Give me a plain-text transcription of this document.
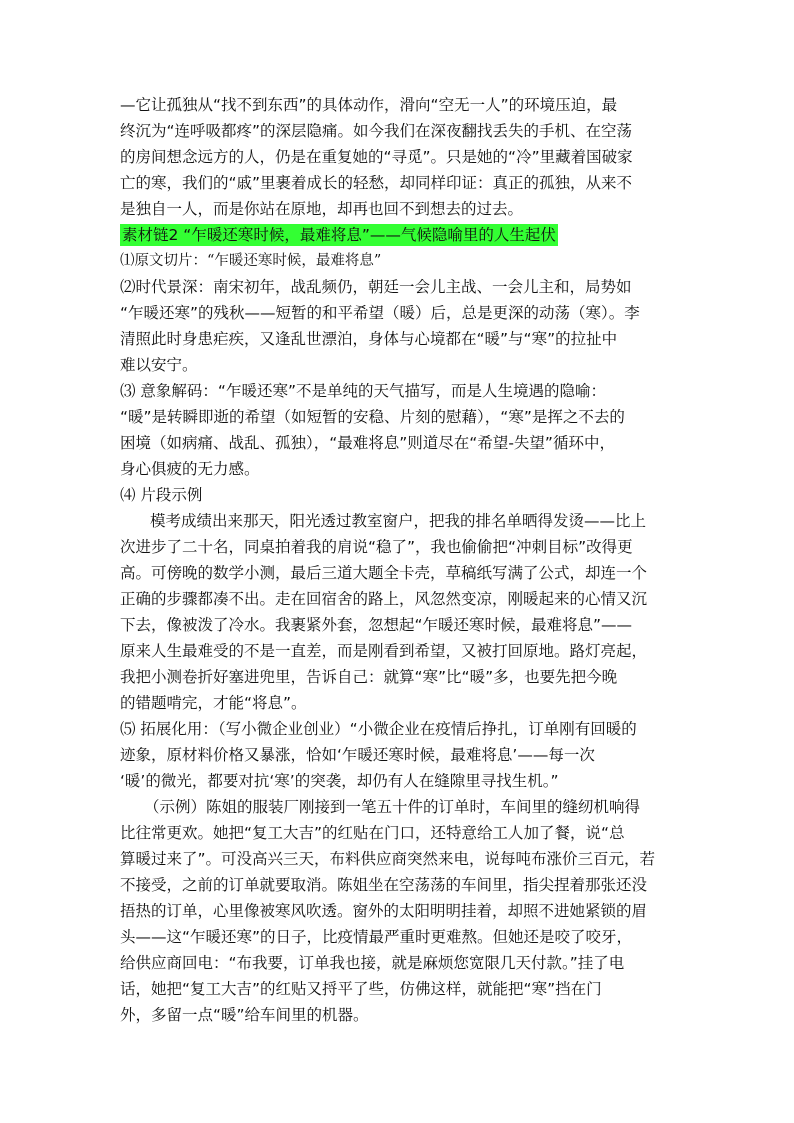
—它让孤独从“找不到东西”的具体动作，滑向“空无一人”的环境压迫，最
终沉为“连呼吸都疼”的深层隐痛。如今我们在深夜翻找丢失的手机、在空荡
的房间想念远方的人，仍是在重复她的“寻觅”。只是她的“冷”里藏着国破家
亡的寒，我们的“戚”里裹着成长的轻愁，却同样印证：真正的孤独，从来不
是独自一人，而是你站在原地，却再也回不到想去的过去。
素材链2 “乍暖还寒时候，最难将息”——气候隐喻里的人生起伏
⑴原文切片：“乍暖还寒时候，最难将息”
⑵时代景深：南宋初年，战乱频仍，朝廷一会儿主战、一会儿主和，局势如
“乍暖还寒”的残秋——短暂的和平希望（暖）后，总是更深的动荡（寒）。李
清照此时身患疟疾，又逢乱世漂泊，身体与心境都在“暖”与“寒”的拉扯中
难以安宁。
⑶ 意象解码：“乍暖还寒”不是单纯的天气描写，而是人生境遇的隐喻：
“暖”是转瞬即逝的希望（如短暂的安稳、片刻的慰藉），“寒”是挥之不去的
困境（如病痛、战乱、孤独），“最难将息”则道尽在“希望-失望”循环中，
身心俱疲的无力感。
⑷ 片段示例
模考成绩出来那天，阳光透过教室窗户，把我的排名单晒得发烫——比上
次进步了二十名，同桌拍着我的肩说“稳了”，我也偷偷把“冲刺目标”改得更
高。可傍晚的数学小测，最后三道大题全卡壳，草稿纸写满了公式，却连一个
正确的步骤都凑不出。走在回宿舍的路上，风忽然变凉，刚暖起来的心情又沉
下去，像被泼了冷水。我裹紧外套，忽想起“乍暖还寒时候，最难将息”——
原来人生最难受的不是一直差，而是刚看到希望，又被打回原地。路灯亮起，
我把小测卷折好塞进兜里，告诉自己：就算“寒”比“暖”多，也要先把今晚
的错题啃完，才能“将息”。
⑸ 拓展化用：（写小微企业创业）“小微企业在疫情后挣扎，订单刚有回暖的
迹象，原材料价格又暴涨，恰如‘乍暖还寒时候，最难将息’——每一次
‘暖’的微光，都要对抗‘寒’的突袭，却仍有人在缝隙里寻找生机。”
（示例）陈姐的服装厂刚接到一笔五十件的订单时，车间里的缝纫机响得
比往常更欢。她把“复工大吉”的红贴在门口，还特意给工人加了餐，说“总
算暖过来了”。可没高兴三天，布料供应商突然来电，说每吨布涨价三百元，若
不接受，之前的订单就要取消。陈姐坐在空荡荡的车间里，指尖捏着那张还没
捂热的订单，心里像被寒风吹透。窗外的太阳明明挂着，却照不进她紧锁的眉
头——这“乍暖还寒”的日子，比疫情最严重时更难熬。但她还是咬了咬牙，
给供应商回电：“布我要，订单我也接，就是麻烦您宽限几天付款。”挂了电
话，她把“复工大吉”的红贴又捋平了些，仿佛这样，就能把“寒”挡在门
外，多留一点“暖”给车间里的机器。
